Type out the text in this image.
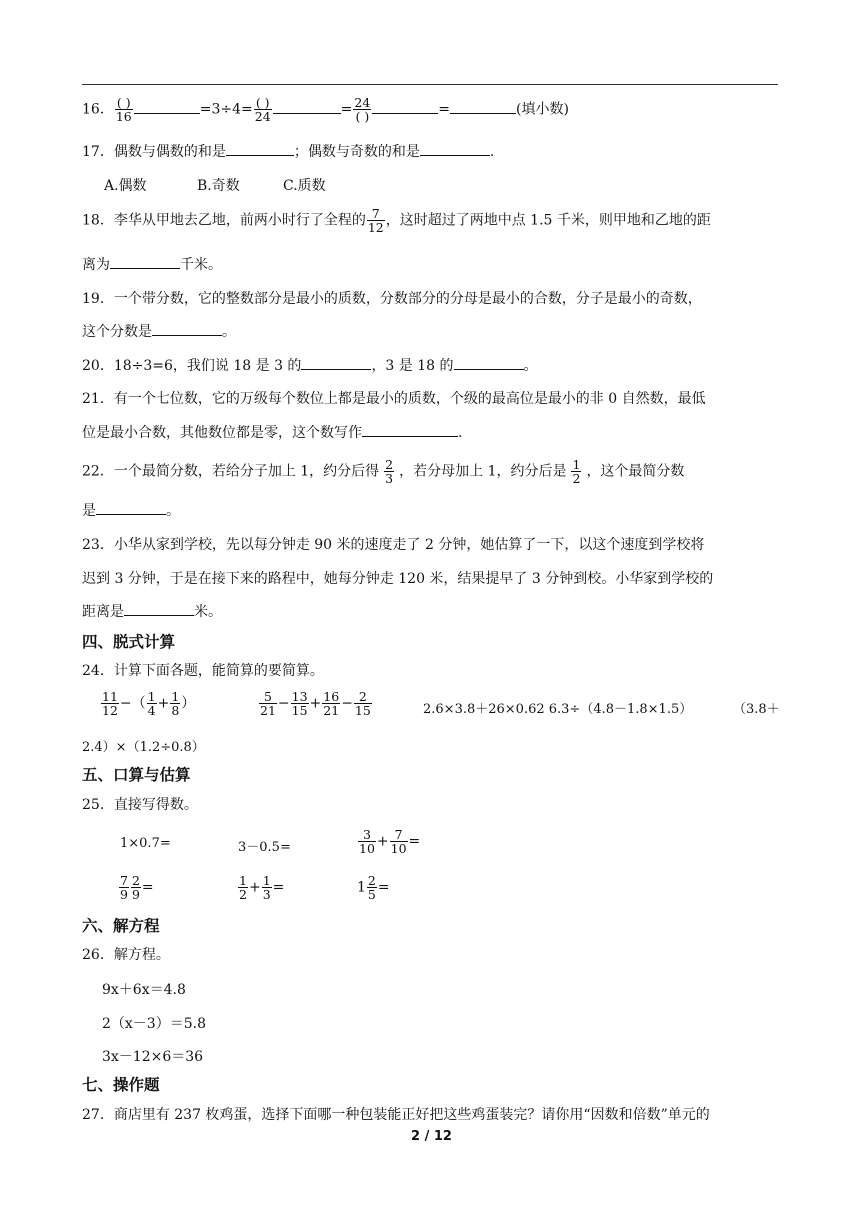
16． $\frac{( )}{16}$	$=3\div 4= \frac{( )}{24}$	= $\frac{24}{( )}$	=	(填小数)
17．偶数与偶数的和是	；偶数与奇数的和是	.
A.偶数	B.奇数	C.质数
18．李华从甲地去乙地，前两小时行了全程的 $\frac{7}{12}$ ，这时超过了两地中点 1.5 千米，则甲地和乙地的距
离为	千米。
19．一个带分数，它的整数部分是最小的质数，分数部分的分母是最小的合数，分子是最小的奇数，
这个分数是	。
20．18÷3=6，我们说 18 是 3 的	，3 是 18 的	。
21．有一个七位数，它的万级每个数位上都是最小的质数，个级的最高位是最小的非 0 自然数，最低
位是最小合数，其他数位都是零，这个数写作	.
22．一个最简分数，若给分子加上 1，约分后得 $\frac{2}{3}$ ，若分母加上 1，约分后是 $\frac{1}{2}$ ，这个最简分数
是	。
23．小华从家到学校，先以每分钟走 90 米的速度走了 2 分钟，她估算了一下，以这个速度到学校将
迟到 3 分钟，于是在接下来的路程中，她每分钟走 120 米，结果提早了 3 分钟到校。小华家到学校的
距离是	米。
四、脱式计算
24．计算下面各题，能简算的要简算。
$\frac{11}{12}$ −（ $\frac{1}{4} + \frac{1}{8}$ ）	$\frac{5}{21} - \frac{13}{15} + \frac{16}{21} - \frac{2}{15}$	2.6×3.8＋26×0.62 6.3÷（4.8－1.8×1.5）	（3.8＋
2.4）×（1.2÷0.8）
五、口算与估算
25．直接写得数。
1×0.7=	3－0.5=	$\frac{3}{10} + \frac{7}{10}$ =
$\frac{7}{9} \frac{2}{9}$ =	$\frac{1}{2} + \frac{1}{3}$ =	$1 \frac{2}{5}$ =
六、解方程
26．解方程。
9x＋6x＝4.8
2（x－3）＝5.8
3x－12×6＝36
七、操作题
27．商店里有 237 枚鸡蛋，选择下面哪一种包装能正好把这些鸡蛋装完？请你用“因数和倍数”单元的
2 / 12
